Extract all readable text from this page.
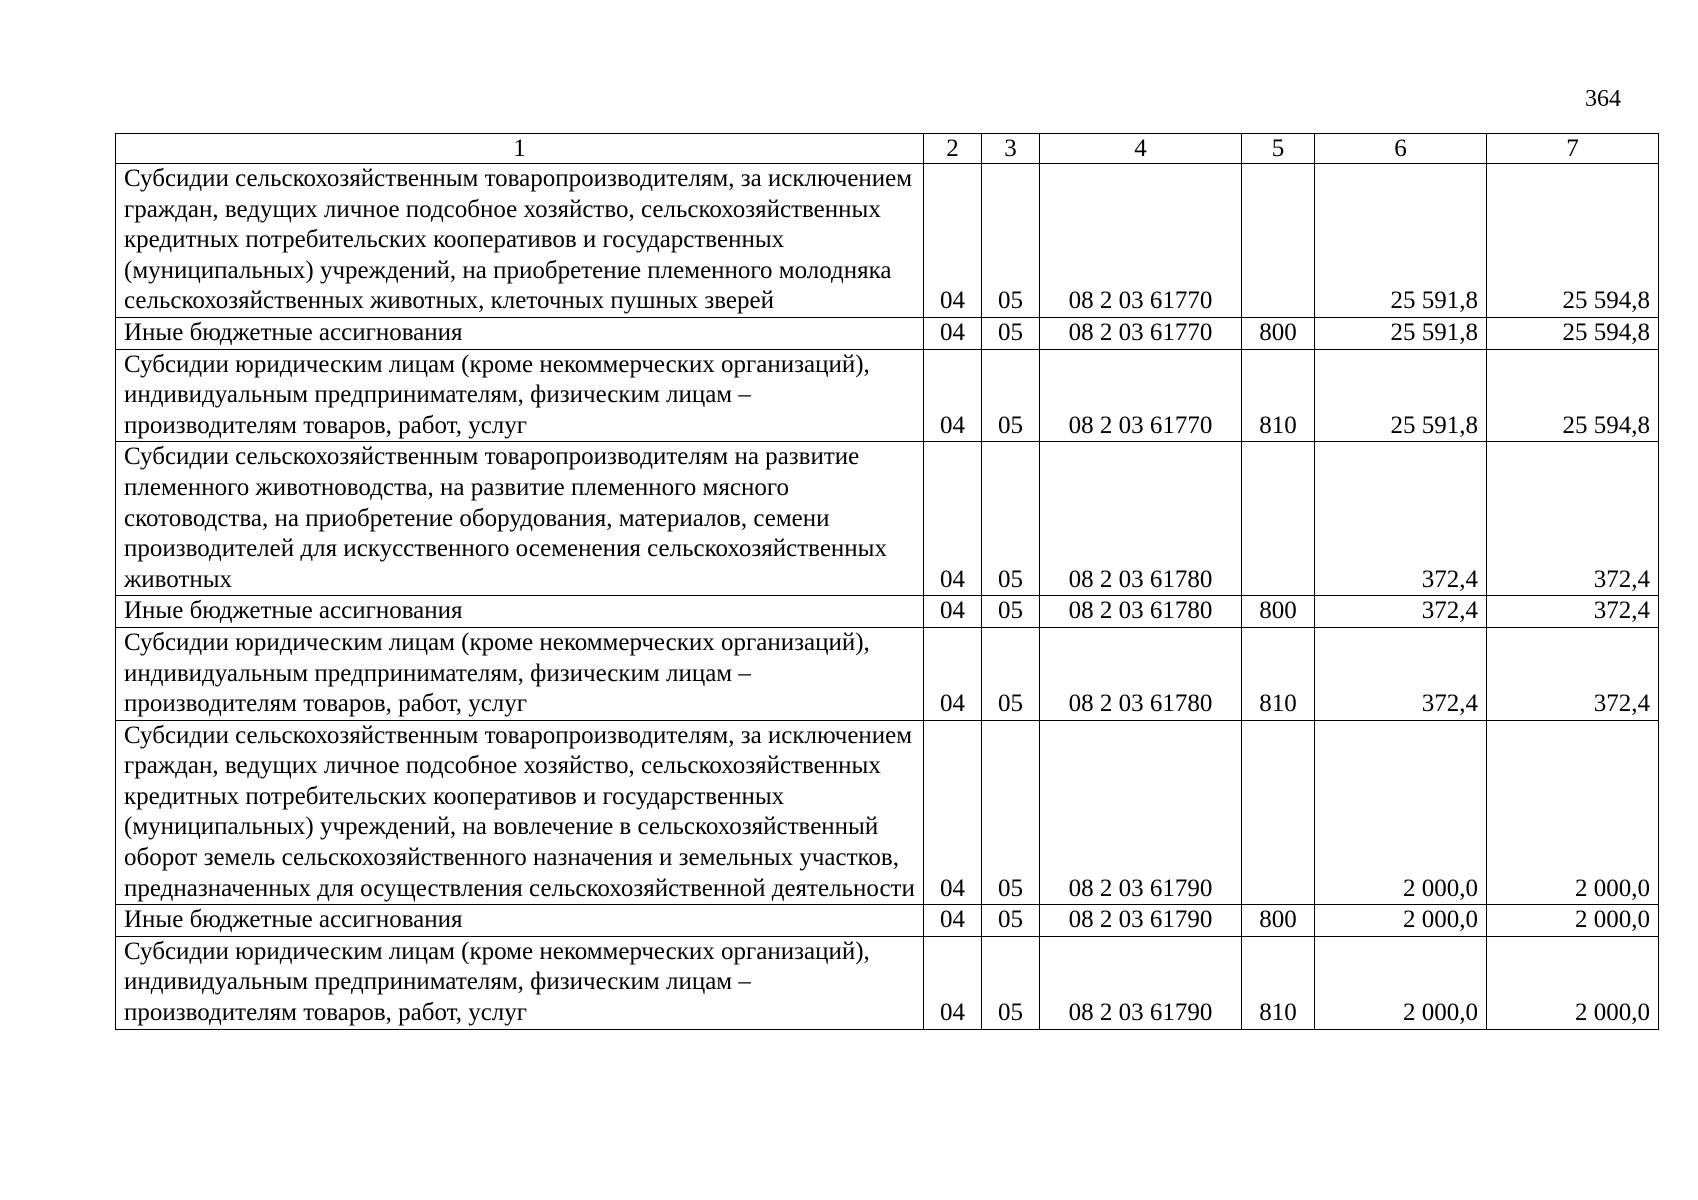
364
1	2	3	4	5	6	7
Субсидии сельскохозяйственным товаропроизводителям, за исключением граждан, ведущих личное подсобное хозяйство, сельскохозяйственных кредитных потребительских кооперативов и государственных (муниципальных) учреждений, на приобретение племенного молодняка сельскохозяйственных животных, клеточных пушных зверей	04	05	08 2 03 61770		25 591,8	25 594,8
Иные бюджетные ассигнования	04	05	08 2 03 61770	800	25 591,8	25 594,8
Субсидии юридическим лицам (кроме некоммерческих организаций), индивидуальным предпринимателям, физическим лицам – производителям товаров, работ, услуг	04	05	08 2 03 61770	810	25 591,8	25 594,8
Субсидии сельскохозяйственным товаропроизводителям на развитие племенного животноводства, на развитие племенного мясного скотоводства, на приобретение оборудования, материалов, семени производителей для искусственного осеменения сельскохозяйственных животных	04	05	08 2 03 61780		372,4	372,4
Иные бюджетные ассигнования	04	05	08 2 03 61780	800	372,4	372,4
Субсидии юридическим лицам (кроме некоммерческих организаций), индивидуальным предпринимателям, физическим лицам – производителям товаров, работ, услуг	04	05	08 2 03 61780	810	372,4	372,4
Субсидии сельскохозяйственным товаропроизводителям, за исключением граждан, ведущих личное подсобное хозяйство, сельскохозяйственных кредитных потребительских кооперативов и государственных (муниципальных) учреждений, на вовлечение в сельскохозяйственный оборот земель сельскохозяйственного назначения и земельных участков, предназначенных для осуществления сельскохозяйственной деятельности	04	05	08 2 03 61790		2 000,0	2 000,0
Иные бюджетные ассигнования	04	05	08 2 03 61790	800	2 000,0	2 000,0
Субсидии юридическим лицам (кроме некоммерческих организаций), индивидуальным предпринимателям, физическим лицам – производителям товаров, работ, услуг	04	05	08 2 03 61790	810	2 000,0	2 000,0
